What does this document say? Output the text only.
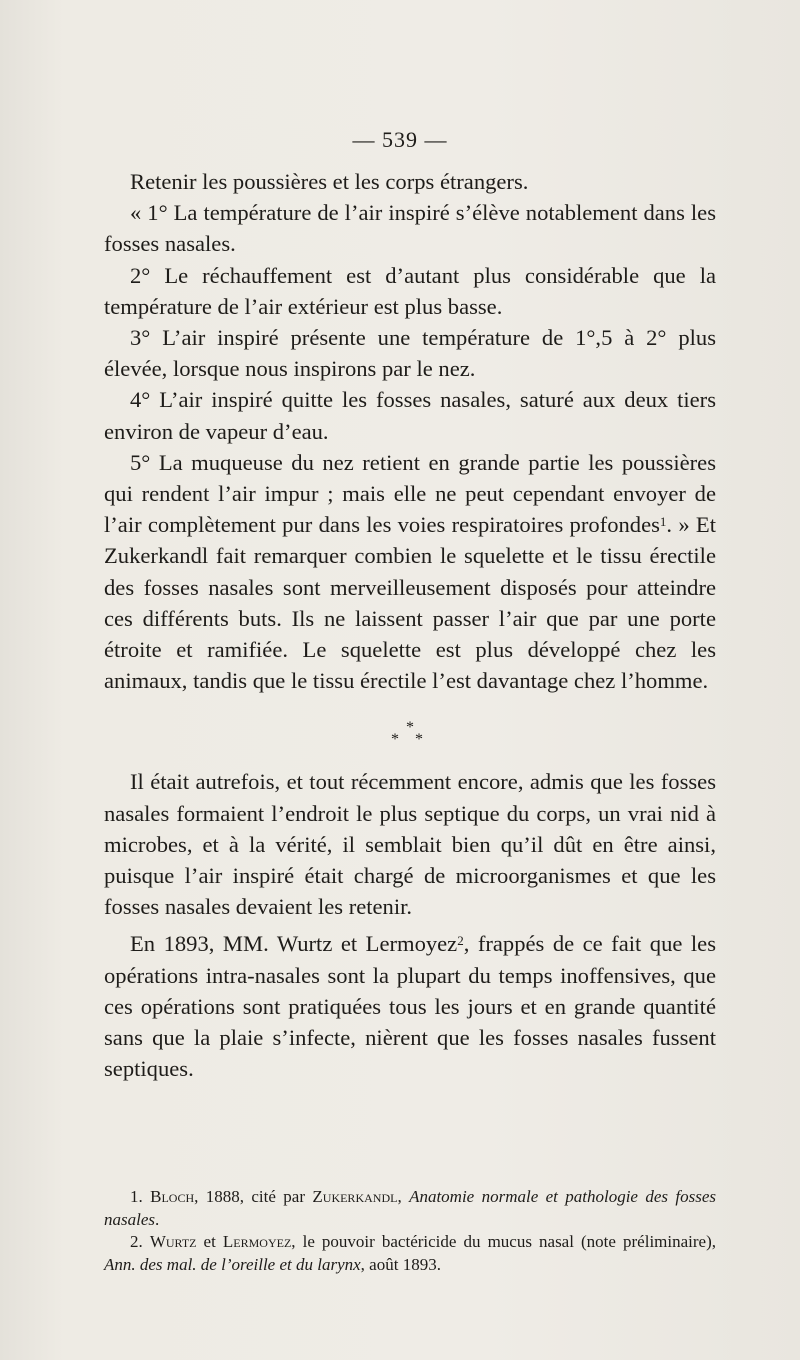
— 539 —

Retenir les poussières et les corps étrangers.

« 1° La température de l’air inspiré s’élève notablement dans les fosses nasales.

2° Le réchauffement est d’autant plus considérable que la température de l’air extérieur est plus basse.

3° L’air inspiré présente une température de 1°,5 à 2° plus élevée, lorsque nous inspirons par le nez.

4° L’air inspiré quitte les fosses nasales, saturé aux deux tiers environ de vapeur d’eau.

5° La muqueuse du nez retient en grande partie les poussières qui rendent l’air impur ; mais elle ne peut cependant envoyer de l’air complètement pur dans les voies respiratoires profondes$^1$. » Et Zukerkandl fait remarquer combien le squelette et le tissu érectile des fosses nasales sont merveilleusement disposés pour atteindre ces différents buts. Ils ne laissent passer l’air que par une porte étroite et ramifiée. Le squelette est plus développé chez les animaux, tandis que le tissu érectile l’est davantage chez l’homme.

*
* *

Il était autrefois, et tout récemment encore, admis que les fosses nasales formaient l’endroit le plus septique du corps, un vrai nid à microbes, et à la vérité, il semblait bien qu’il dût en être ainsi, puisque l’air inspiré était chargé de microorganismes et que les fosses nasales devaient les retenir.

En 1893, MM. Wurtz et Lermoyez$^2$, frappés de ce fait que les opérations intra-nasales sont la plupart du temps inoffensives, que ces opérations sont pratiquées tous les jours et en grande quantité sans que la plaie s’infecte, nièrent que les fosses nasales fussent septiques.

1. Bloch, 1888, cité par Zukerkandl, Anatomie normale et pathologie des fosses nasales.

2. Wurtz et Lermoyez, le pouvoir bactéricide du mucus nasal (note préliminaire), Ann. des mal. de l’oreille et du larynx, août 1893.
